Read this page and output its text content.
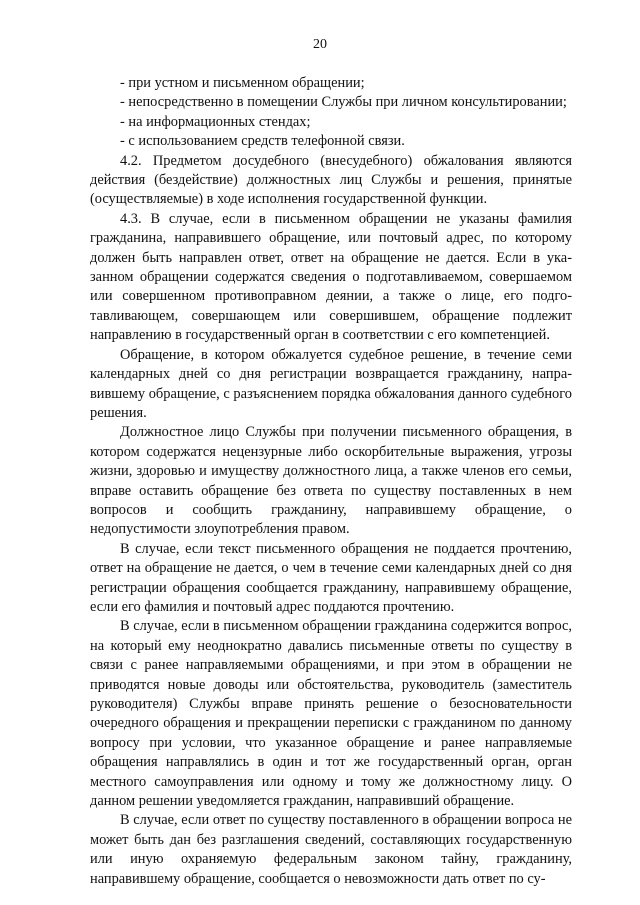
20

- при устном и письменном обращении;

- непосредственно в помещении Службы при личном консультировании;

- на информационных стендах;

- с использованием средств телефонной связи.

4.2. Предметом досудебного (внесудебного) обжалования являются действия (бездействие) должностных лиц Службы и решения, принятые (осуществляемые) в ходе исполнения государственной функции.

4.3. В случае, если в письменном обращении не указаны фамилия гражданина, направившего обращение, или почтовый адрес, по которому должен быть направлен ответ, ответ на обращение не дается. Если в указанном обращении содержатся сведения о подготавливаемом, совершаемом или совершенном противоправном деянии, а также о лице, его подготавливающем, совершающем или совершившем, обращение подлежит направлению в государственный орган в соответствии с его компетенцией.

Обращение, в котором обжалуется судебное решение, в течение семи календарных дней со дня регистрации возвращается гражданину, направившему обращение, с разъяснением порядка обжалования данного судебного решения.

Должностное лицо Службы при получении письменного обращения, в котором содержатся нецензурные либо оскорбительные выражения, угрозы жизни, здоровью и имуществу должностного лица, а также членов его семьи, вправе оставить обращение без ответа по существу поставленных в нем вопросов и сообщить гражданину, направившему обращение, о недопустимости злоупотребления правом.

В случае, если текст письменного обращения не поддается прочтению, ответ на обращение не дается, о чем в течение семи календарных дней со дня регистрации обращения сообщается гражданину, направившему обращение, если его фамилия и почтовый адрес поддаются прочтению.

В случае, если в письменном обращении гражданина содержится вопрос, на который ему неоднократно давались письменные ответы по существу в связи с ранее направляемыми обращениями, и при этом в обращении не приводятся новые доводы или обстоятельства, руководитель (заместитель руководителя) Службы вправе принять решение о безосновательности очередного обращения и прекращении переписки с гражданином по данному вопросу при условии, что указанное обращение и ранее направляемые обращения направлялись в один и тот же государственный орган, орган местного самоуправления или одному и тому же должностному лицу. О данном решении уведомляется гражданин, направивший обращение.

В случае, если ответ по существу поставленного в обращении вопроса не может быть дан без разглашения сведений, составляющих государственную или иную охраняемую федеральным законом тайну, гражданину, направившему обращение, сообщается о невозможности дать ответ по су-
